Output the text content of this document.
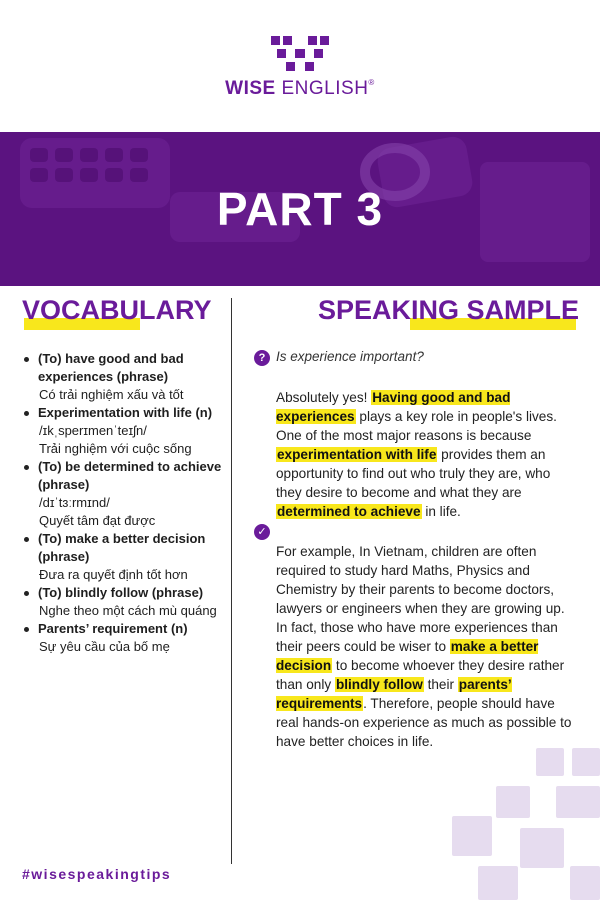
WISE ENGLISH®
PART 3
VOCABULARY
(To) have good and bad experiences (phrase)
Có trải nghiệm xấu và tốt
Experimentation with life (n)
/ɪkˌsperɪmenˈteɪʃn/
Trải nghiệm với cuộc sống
(To) be determined to achieve (phrase)
/dɪˈtɜːrmɪnd/
Quyết tâm đạt được
(To) make a better decision (phrase)
Đưa ra quyết định tốt hơn
(To) blindly follow (phrase)
Nghe theo một cách mù quáng
Parents’ requirement (n)
Sự yêu cầu của bố mẹ
SPEAKING SAMPLE
? Is experience important?

Absolutely yes! Having good and bad experiences plays a key role in people's lives. One of the most major reasons is because experimentation with life provides them an opportunity to find out who truly they are, who they desire to become and what they are determined to achieve in life.

✓

For example, In Vietnam, children are often required to study hard Maths, Physics and Chemistry by their parents to become doctors, lawyers or engineers when they are growing up. In fact, those who have more experiences than their peers could be wiser to make a better decision to become whoever they desire rather than only blindly follow their parents’ requirements. Therefore, people should have real hands-on experience as much as possible to have better choices in life.

#wisespeakingtips
